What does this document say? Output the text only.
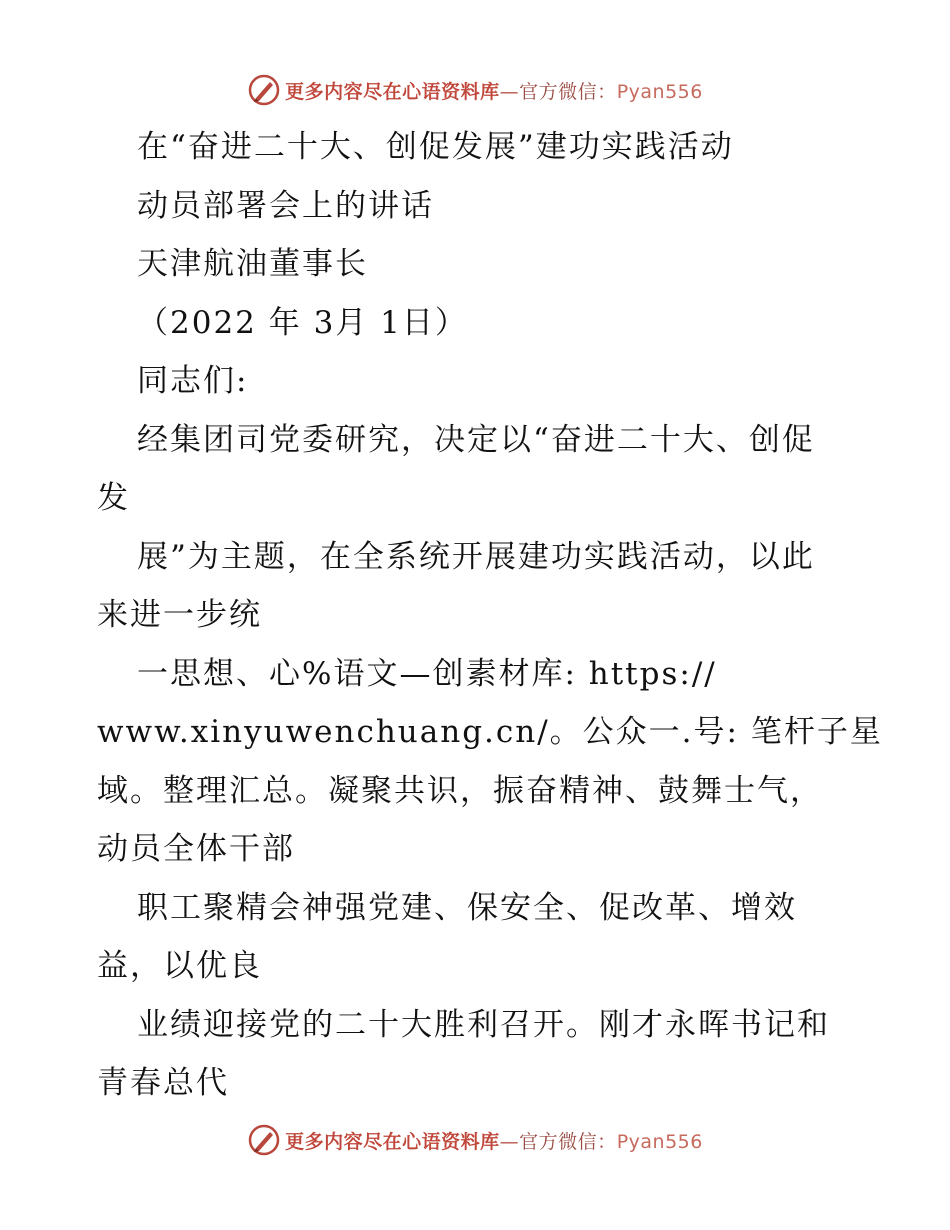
更多内容尽在心语资料库—官方微信：Pyan556
在“奋进二十大、创促发展”建功实践活动
动员部署会上的讲话
天津航油董事长
（2022 年 3月 1日）
同志们:
经集团司党委研究，决定以“奋进二十大、创促
发
展”为主题，在全系统开展建功实践活动，以此
来进一步统
一思想、心%语文—创素材库: https://
www.xinyuwenchuang.cn/。公众一.号: 笔杆子星
域。整理汇总。凝聚共识，振奋精神、鼓舞士气，
动员全体干部
职工聚精会神强党建、保安全、促改革、增效
益，以优良
业绩迎接党的二十大胜利召开。刚才永晖书记和
青春总代
更多内容尽在心语资料库—官方微信：Pyan556
